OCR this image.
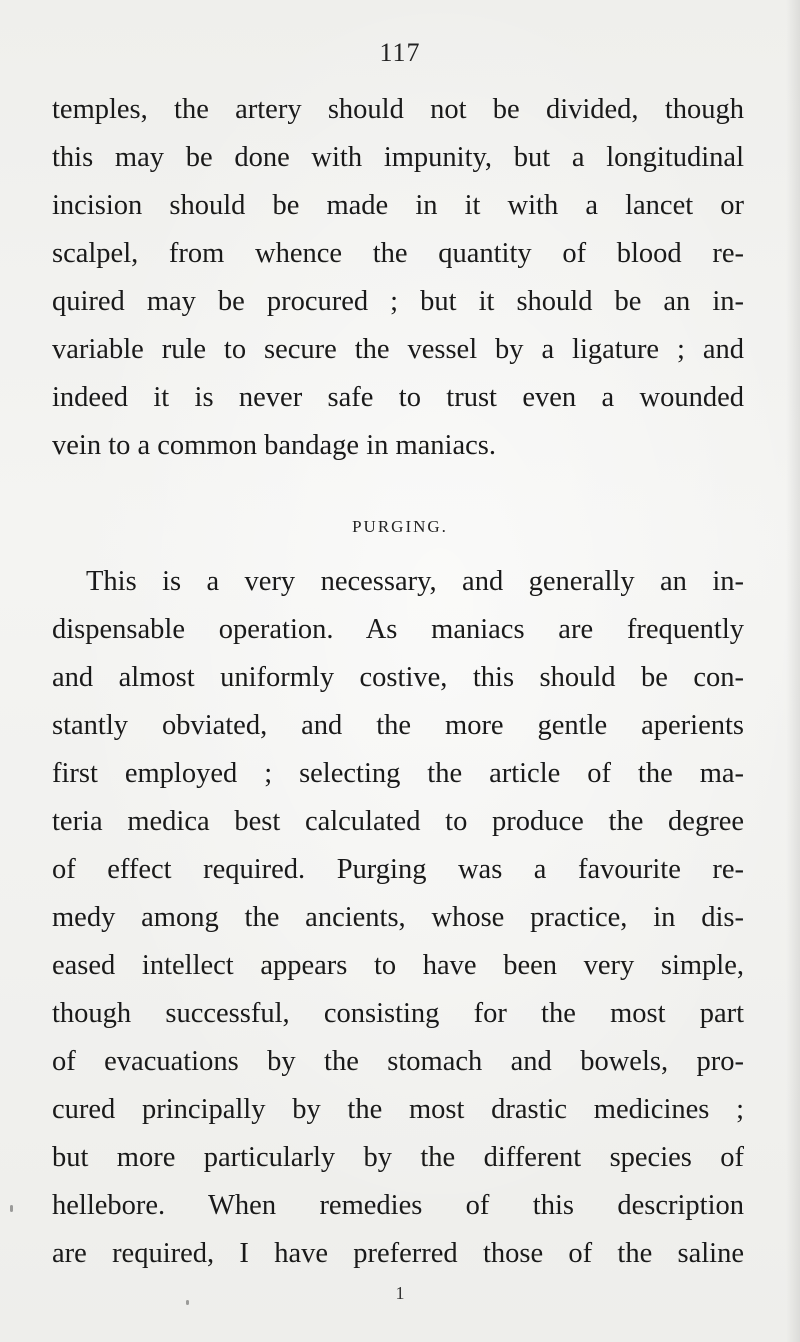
117
temples, the artery should not be divided, though
this may be done with impunity, but a longitudinal
incision should be made in it with a lancet or
scalpel, from whence the quantity of blood re-
quired may be procured ; but it should be an in-
variable rule to secure the vessel by a ligature ; and
indeed it is never safe to trust even a wounded
vein to a common bandage in maniacs.
PURGING.
This is a very necessary, and generally an in-
dispensable operation. As maniacs are frequently
and almost uniformly costive, this should be con-
stantly obviated, and the more gentle aperients
first employed ; selecting the article of the ma-
teria medica best calculated to produce the degree
of effect required. Purging was a favourite re-
medy among the ancients, whose practice, in dis-
eased intellect appears to have been very simple,
though successful, consisting for the most part
of evacuations by the stomach and bowels, pro-
cured principally by the most drastic medicines ;
but more particularly by the different species of
hellebore. When remedies of this description
are required, I have preferred those of the saline
1
